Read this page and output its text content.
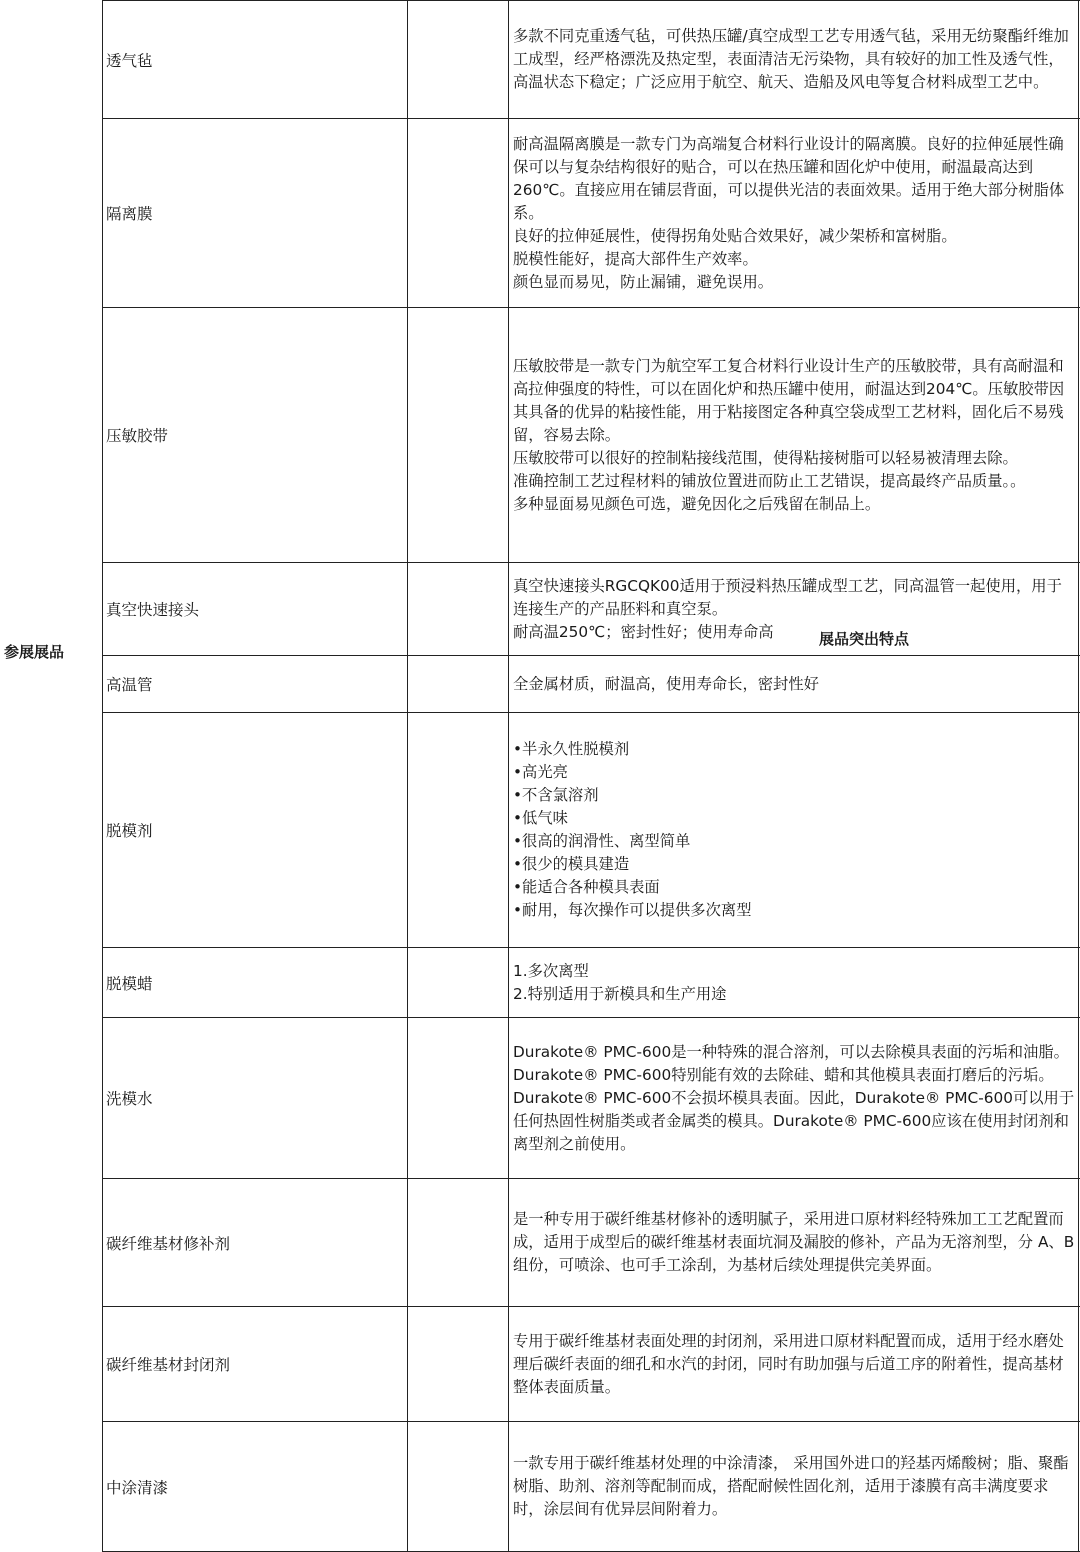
参展展品
展品突出特点
透气毡

多款不同克重透气毡，可供热压罐/真空成型工艺专用透气毡，采用无纺聚酯纤维加工成型，经严格漂洗及热定型，表面清洁无污染物，具有较好的加工性及透气性，高温状态下稳定；广泛应用于航空、航天、造船及风电等复合材料成型工艺中。

隔离膜

耐高温隔离膜是一款专门为高端复合材料行业设计的隔离膜。良好的拉伸延展性确保可以与复杂结构很好的贴合，可以在热压罐和固化炉中使用，耐温最高达到260℃。直接应用在铺层背面，可以提供光洁的表面效果。适用于绝大部分树脂体系。

良好的拉伸延展性，使得拐角处贴合效果好，减少架桥和富树脂。

脱模性能好，提高大部件生产效率。

颜色显而易见，防止漏铺，避免误用。

压敏胶带

压敏胶带是一款专门为航空军工复合材料行业设计生产的压敏胶带，具有高耐温和高拉伸强度的特性，可以在固化炉和热压罐中使用，耐温达到204℃。压敏胶带因其具备的优异的粘接性能，用于粘接图定各种真空袋成型工艺材料，固化后不易残留，容易去除。

压敏胶带可以很好的控制粘接线范围，使得粘接树脂可以轻易被清理去除。

准确控制工艺过程材料的铺放位置进而防止工艺错误，提高最终产品质量。。

多种显面易见颜色可选，避免因化之后残留在制品上。

真空快速接头

真空快速接头RGCQK00适用于预浸料热压罐成型工艺，同高温管一起使用，用于连接生产的产品胚料和真空泵。

耐高温250℃；密封性好；使用寿命高

高温管	全金属材质，耐温高，使用寿命长，密封性好

脱模剂

• 半永久性脱模剂

• 高光亮

• 不含氯溶剂

• 低气味

• 很高的润滑性、离型简单

• 很少的模具建造

• 能适合各种模具表面

• 耐用，每次操作可以提供多次离型

脱模蜡

1.多次离型

2.特别适用于新模具和生产用途

洗模水

Durakote® PMC-600是一种特殊的混合溶剂，可以去除模具表面的污垢和油脂。Durakote® PMC-600特别能有效的去除硅、蜡和其他模具表面打磨后的污垢。Durakote® PMC-600不会损坏模具表面。因此，Durakote® PMC-600可以用于任何热固性树脂类或者金属类的模具。Durakote® PMC-600应该在使用封闭剂和离型剂之前使用。

碳纤维基材修补剂

是一种专用于碳纤维基材修补的透明腻子，采用进口原材料经特殊加工工艺配置而成，适用于成型后的碳纤维基材表面坑洞及漏胶的修补，产品为无溶剂型，分 A、B 组份，可喷涂、也可手工涂刮，为基材后续处理提供完美界面。

碳纤维基材封闭剂

专用于碳纤维基材表面处理的封闭剂，采用进口原材料配置而成，适用于经水磨处理后碳纤表面的细孔和水汽的封闭，同时有助加强与后道工序的附着性，提高基材整体表面质量。

中涂清漆

一款专用于碳纤维基材处理的中涂清漆， 采用国外进口的羟基丙烯酸树；脂、聚酯树脂、助剂、溶剂等配制而成，搭配耐候性固化剂，适用于漆膜有高丰满度要求时，涂层间有优异层间附着力。
